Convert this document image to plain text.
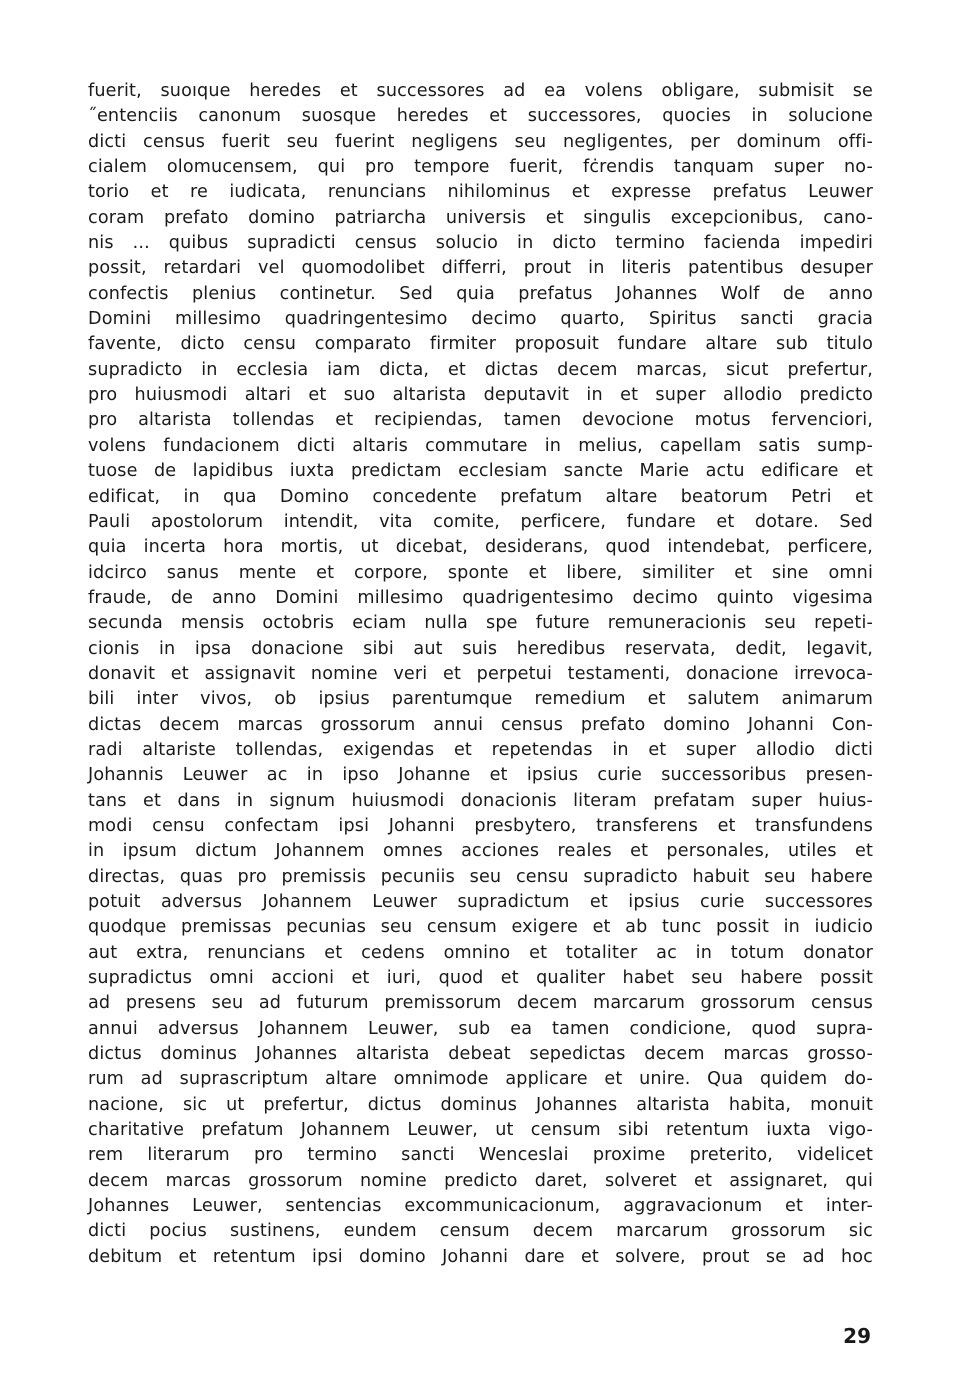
fuerit, suoıque heredes et successores ad ea volens obligare, submisit se
˝entenciis canonum suosque heredes et successores, quocies in solucione
dicti census fuerit seu fuerint negligens seu negligentes, per dominum offi-
cialem olomucensem, qui pro tempore fuerit, fċrendis tanquam super no-
torio et re iudicata, renuncians nihilominus et expresse prefatus Leuwer
coram prefato domino patriarcha universis et singulis excepcionibus, cano-
nis ... quibus supradicti census solucio in dicto termino facienda impediri
possit, retardari vel quomodolibet differri, prout in literis patentibus desuper
confectis plenius continetur. Sed quia prefatus Johannes Wolf de anno
Domini millesimo quadringentesimo decimo quarto, Spiritus sancti gracia
favente, dicto censu comparato firmiter proposuit fundare altare sub titulo
supradicto in ecclesia iam dicta, et dictas decem marcas, sicut prefertur,
pro huiusmodi altari et suo altarista deputavit in et super allodio predicto
pro altarista tollendas et recipiendas, tamen devocione motus fervenciori,
volens fundacionem dicti altaris commutare in melius, capellam satis sump-
tuose de lapidibus iuxta predictam ecclesiam sancte Marie actu edificare et
edificat, in qua Domino concedente prefatum altare beatorum Petri et
Pauli apostolorum intendit, vita comite, perficere, fundare et dotare. Sed
quia incerta hora mortis, ut dicebat, desiderans, quod intendebat, perficere,
idcirco sanus mente et corpore, sponte et libere, similiter et sine omni
fraude, de anno Domini millesimo quadrigentesimo decimo quinto vigesima
secunda mensis octobris eciam nulla spe future remuneracionis seu repeti-
cionis in ipsa donacione sibi aut suis heredibus reservata, dedit, legavit,
donavit et assignavit nomine veri et perpetui testamenti, donacione irrevoca-
bili inter vivos, ob ipsius parentumque remedium et salutem animarum
dictas decem marcas grossorum annui census prefato domino Johanni Con-
radi altariste tollendas, exigendas et repetendas in et super allodio dicti
Johannis Leuwer ac in ipso Johanne et ipsius curie successoribus presen-
tans et dans in signum huiusmodi donacionis literam prefatam super huius-
modi censu confectam ipsi Johanni presbytero, transferens et transfundens
in ipsum dictum Johannem omnes acciones reales et personales, utiles et
directas, quas pro premissis pecuniis seu censu supradicto habuit seu habere
potuit adversus Johannem Leuwer supradictum et ipsius curie successores
quodque premissas pecunias seu censum exigere et ab tunc possit in iudicio
aut extra, renuncians et cedens omnino et totaliter ac in totum donator
supradictus omni accioni et iuri, quod et qualiter habet seu habere possit
ad presens seu ad futurum premissorum decem marcarum grossorum census
annui adversus Johannem Leuwer, sub ea tamen condicione, quod supra-
dictus dominus Johannes altarista debeat sepedictas decem marcas grosso-
rum ad suprascriptum altare omnimode applicare et unire. Qua quidem do-
nacione, sic ut prefertur, dictus dominus Johannes altarista habita, monuit
charitative prefatum Johannem Leuwer, ut censum sibi retentum iuxta vigo-
rem literarum pro termino sancti Wenceslai proxime preterito, videlicet
decem marcas grossorum nomine predicto daret, solveret et assignaret, qui
Johannes Leuwer, sentencias excommunicacionum, aggravacionum et inter-
dicti pocius sustinens, eundem censum decem marcarum grossorum sic
debitum et retentum ipsi domino Johanni dare et solvere, prout se ad hoc
29
